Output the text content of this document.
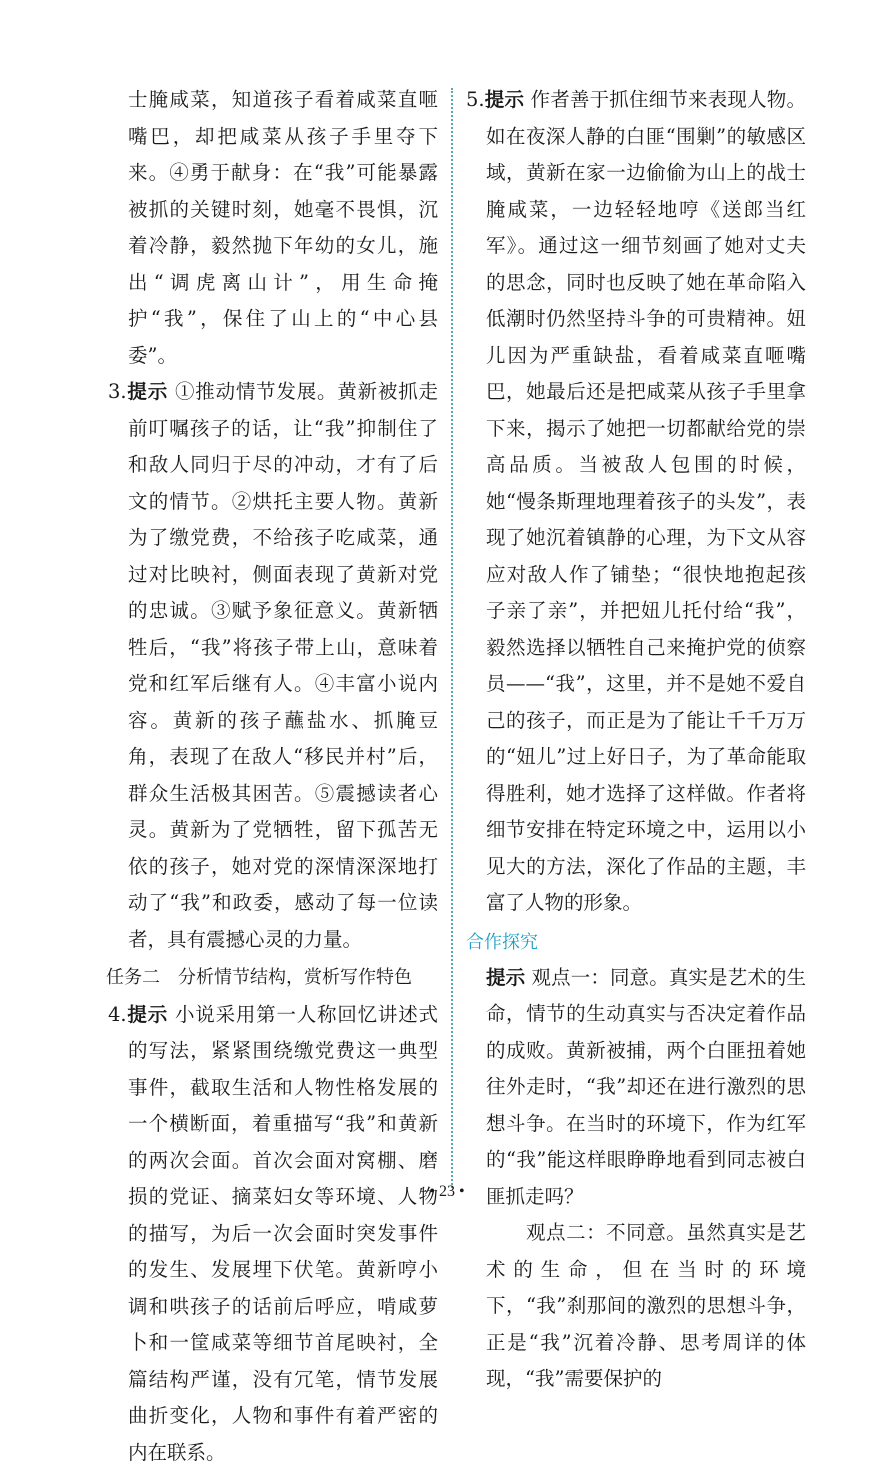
士腌咸菜，知道孩子看着咸菜直咂嘴巴，却把咸菜从孩子手里夺下来。④勇于献身：在“我”可能暴露被抓的关键时刻，她毫不畏惧，沉着冷静，毅然抛下年幼的女儿，施出“调虎离山计”，用生命掩护“我”，保住了山上的“中心县委”。

3.提示 ①推动情节发展。黄新被抓走前叮嘱孩子的话，让“我”抑制住了和敌人同归于尽的冲动，才有了后文的情节。②烘托主要人物。黄新为了缴党费，不给孩子吃咸菜，通过对比映衬，侧面表现了黄新对党的忠诚。③赋予象征意义。黄新牺牲后，“我”将孩子带上山，意味着党和红军后继有人。④丰富小说内容。黄新的孩子蘸盐水、抓腌豆角，表现了在敌人“移民并村”后，群众生活极其困苦。⑤震撼读者心灵。黄新为了党牺牲，留下孤苦无依的孩子，她对党的深情深深地打动了“我”和政委，感动了每一位读者，具有震撼心灵的力量。

任务二　分析情节结构，赏析写作特色

4.提示 小说采用第一人称回忆讲述式的写法，紧紧围绕缴党费这一典型事件，截取生活和人物性格发展的一个横断面，着重描写“我”和黄新的两次会面。首次会面对窝棚、磨损的党证、摘菜妇女等环境、人物的描写，为后一次会面时突发事件的发生、发展埋下伏笔。黄新哼小调和哄孩子的话前后呼应，啃咸萝卜和一筐咸菜等细节首尾映衬，全篇结构严谨，没有冗笔，情节发展曲折变化，人物和事件有着严密的内在联系。

5.提示 作者善于抓住细节来表现人物。如在夜深人静的白匪“围剿”的敏感区域，黄新在家一边偷偷为山上的战士腌咸菜，一边轻轻地哼《送郎当红军》。通过这一细节刻画了她对丈夫的思念，同时也反映了她在革命陷入低潮时仍然坚持斗争的可贵精神。妞儿因为严重缺盐，看着咸菜直咂嘴巴，她最后还是把咸菜从孩子手里拿下来，揭示了她把一切都献给党的崇高品质。当被敌人包围的时候，她“慢条斯理地理着孩子的头发”，表现了她沉着镇静的心理，为下文从容应对敌人作了铺垫；“很快地抱起孩子亲了亲”，并把妞儿托付给“我”，毅然选择以牺牲自己来掩护党的侦察员——“我”，这里，并不是她不爱自己的孩子，而正是为了能让千千万万的“妞儿”过上好日子，为了革命能取得胜利，她才选择了这样做。作者将细节安排在特定环境之中，运用以小见大的方法，深化了作品的主题，丰富了人物的形象。

合作探究

提示 观点一：同意。真实是艺术的生命，情节的生动真实与否决定着作品的成败。黄新被捕，两个白匪扭着她往外走时，“我”却还在进行激烈的思想斗争。在当时的环境下，作为红军的“我”能这样眼睁睁地看到同志被白匪抓走吗？

观点二：不同意。虽然真实是艺术的生命，但在当时的环境下，“我”刹那间的激烈的思想斗争，正是“我”沉着冷静、思考周详的体现，“我”需要保护的

• 23 •
